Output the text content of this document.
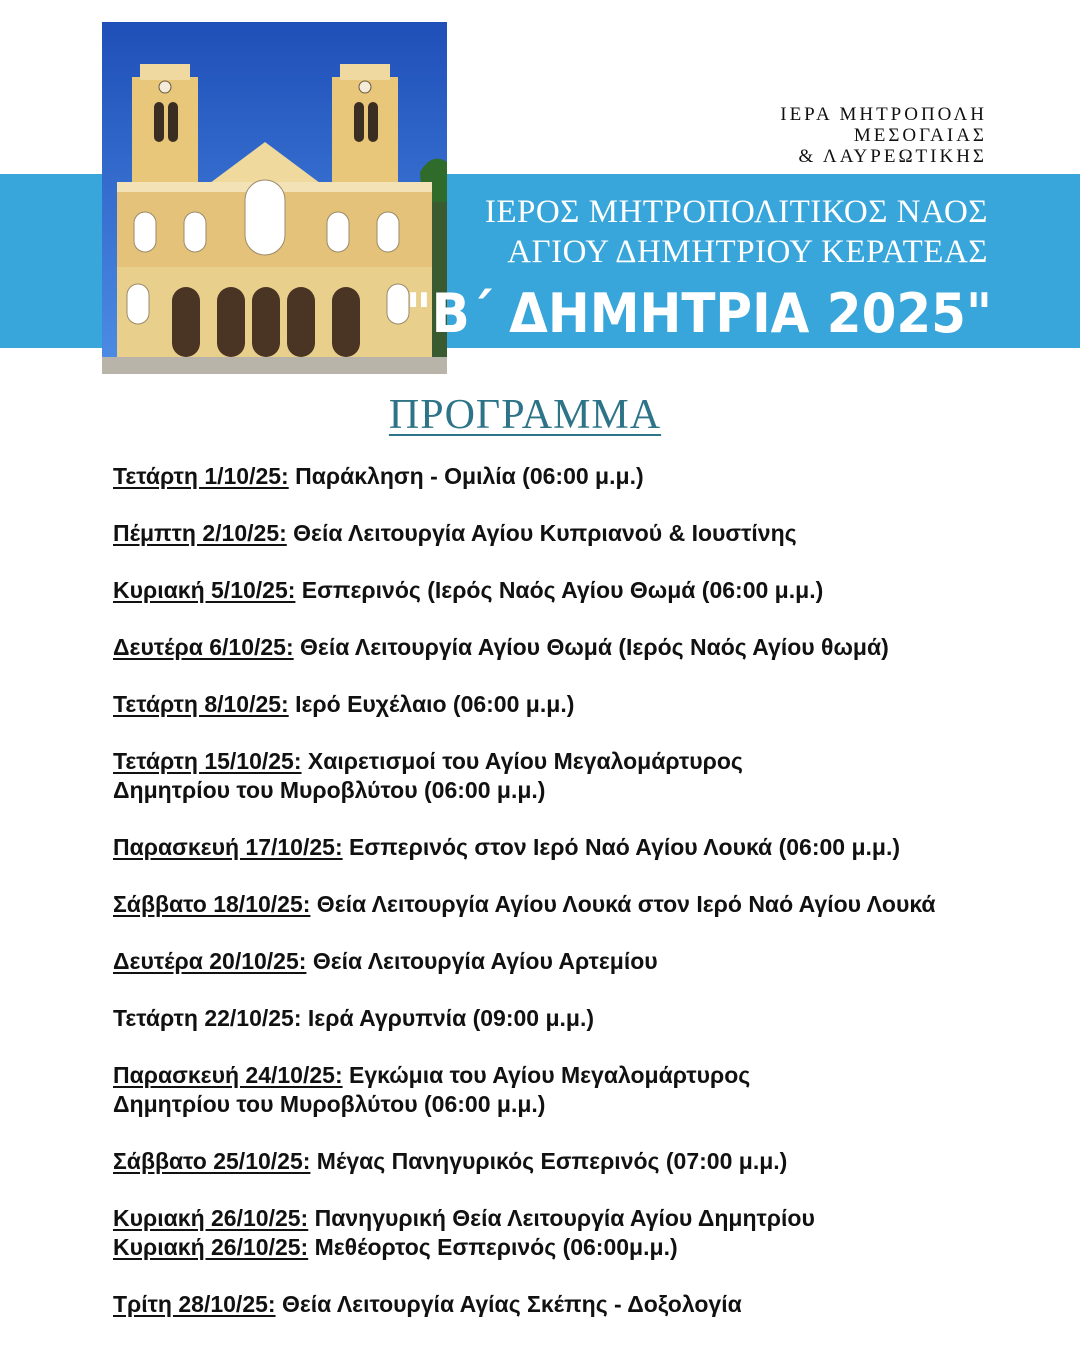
ΙΕΡΑ ΜΗΤΡΟΠΟΛΗ
ΜΕΣΟΓΑΙΑΣ
& ΛΑΥΡΕΩΤΙΚΗΣ
ΙΕΡΟΣ ΜΗΤΡΟΠΟΛΙΤΙΚΟΣ ΝΑΟΣ
ΑΓΙΟΥ ΔΗΜΗΤΡΙΟΥ ΚΕΡΑΤΕΑΣ
"Β΄ ΔΗΜΗΤΡΙΑ 2025"
ΠΡΟΓΡΑΜΜΑ
Τετάρτη 1/10/25: Παράκληση - Ομιλία (06:00 μ.μ.)
Πέμπτη 2/10/25: Θεία Λειτουργία Αγίου Κυπριανού & Ιουστίνης
Κυριακή 5/10/25: Εσπερινός (Ιερός Ναός Αγίου Θωμά (06:00 μ.μ.)
Δευτέρα 6/10/25: Θεία Λειτουργία Αγίου Θωμά (Ιερός Ναός Αγίου θωμά)
Τετάρτη 8/10/25: Ιερό Ευχέλαιο (06:00 μ.μ.)
Τετάρτη 15/10/25: Χαιρετισμοί του Αγίου Μεγαλομάρτυρος
Δημητρίου του Μυροβλύτου (06:00 μ.μ.)
Παρασκευή 17/10/25: Εσπερινός στον Ιερό Ναό Αγίου Λουκά (06:00 μ.μ.)
Σάββατο 18/10/25: Θεία Λειτουργία Αγίου Λουκά στον Ιερό Ναό Αγίου Λουκά
Δευτέρα 20/10/25: Θεία Λειτουργία Αγίου Αρτεμίου
Τετάρτη 22/10/25: Ιερά Αγρυπνία (09:00 μ.μ.)
Παρασκευή 24/10/25: Εγκώμια του Αγίου Μεγαλομάρτυρος
Δημητρίου του Μυροβλύτου (06:00 μ.μ.)
Σάββατο 25/10/25: Μέγας Πανηγυρικός Εσπερινός (07:00 μ.μ.)
Κυριακή 26/10/25: Πανηγυρική Θεία Λειτουργία Αγίου Δημητρίου
Κυριακή 26/10/25: Μεθέορτος Εσπερινός (06:00μ.μ.)
Τρίτη 28/10/25: Θεία Λειτουργία Αγίας Σκέπης - Δοξολογία
